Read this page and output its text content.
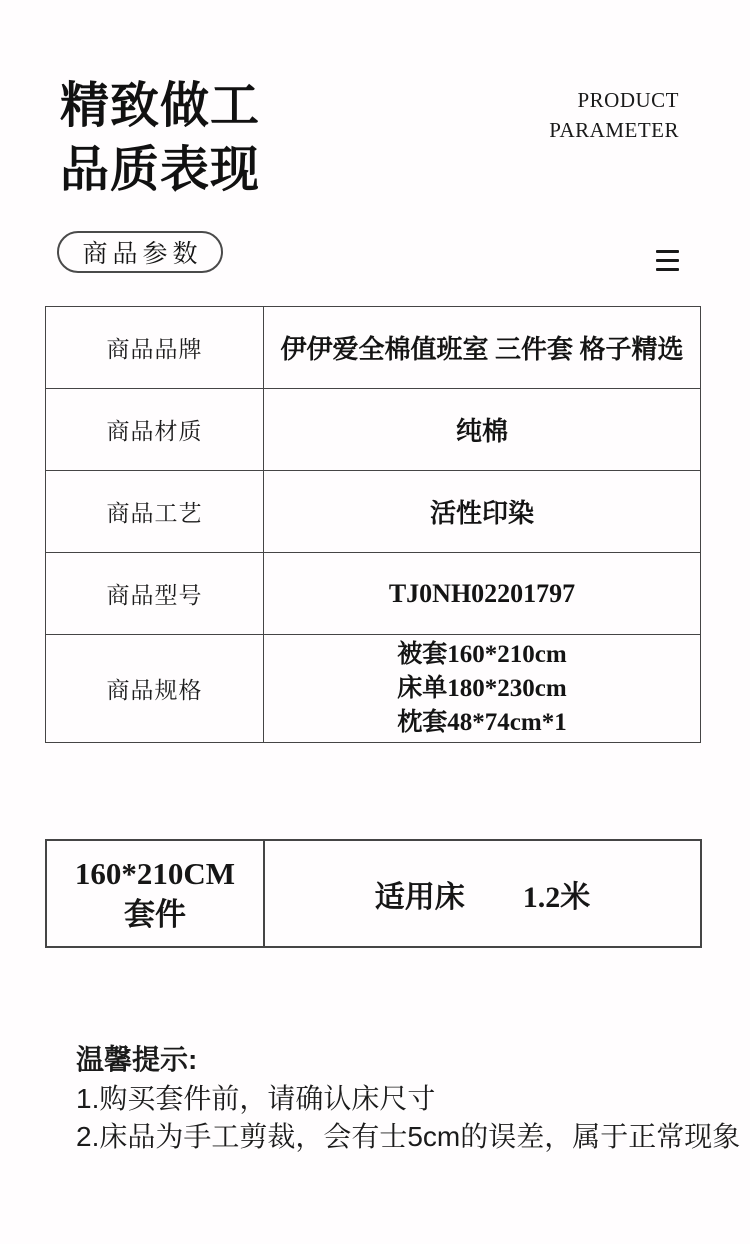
精致做工
品质表现
PRODUCT
PARAMETER
商品参数
商品品牌	伊伊爱全棉值班室 三件套 格子精选
商品材质	纯棉
商品工艺	活性印染
商品型号	TJ0NH02201797
商品规格	被套160*210cm
床单180*230cm
枕套48*74cm*1
160*210CM
套件	适用床 1.2米
温馨提示:
1.购买套件前，请确认床尺寸
2.床品为手工剪裁，会有士5cm的误差，属于正常现象
